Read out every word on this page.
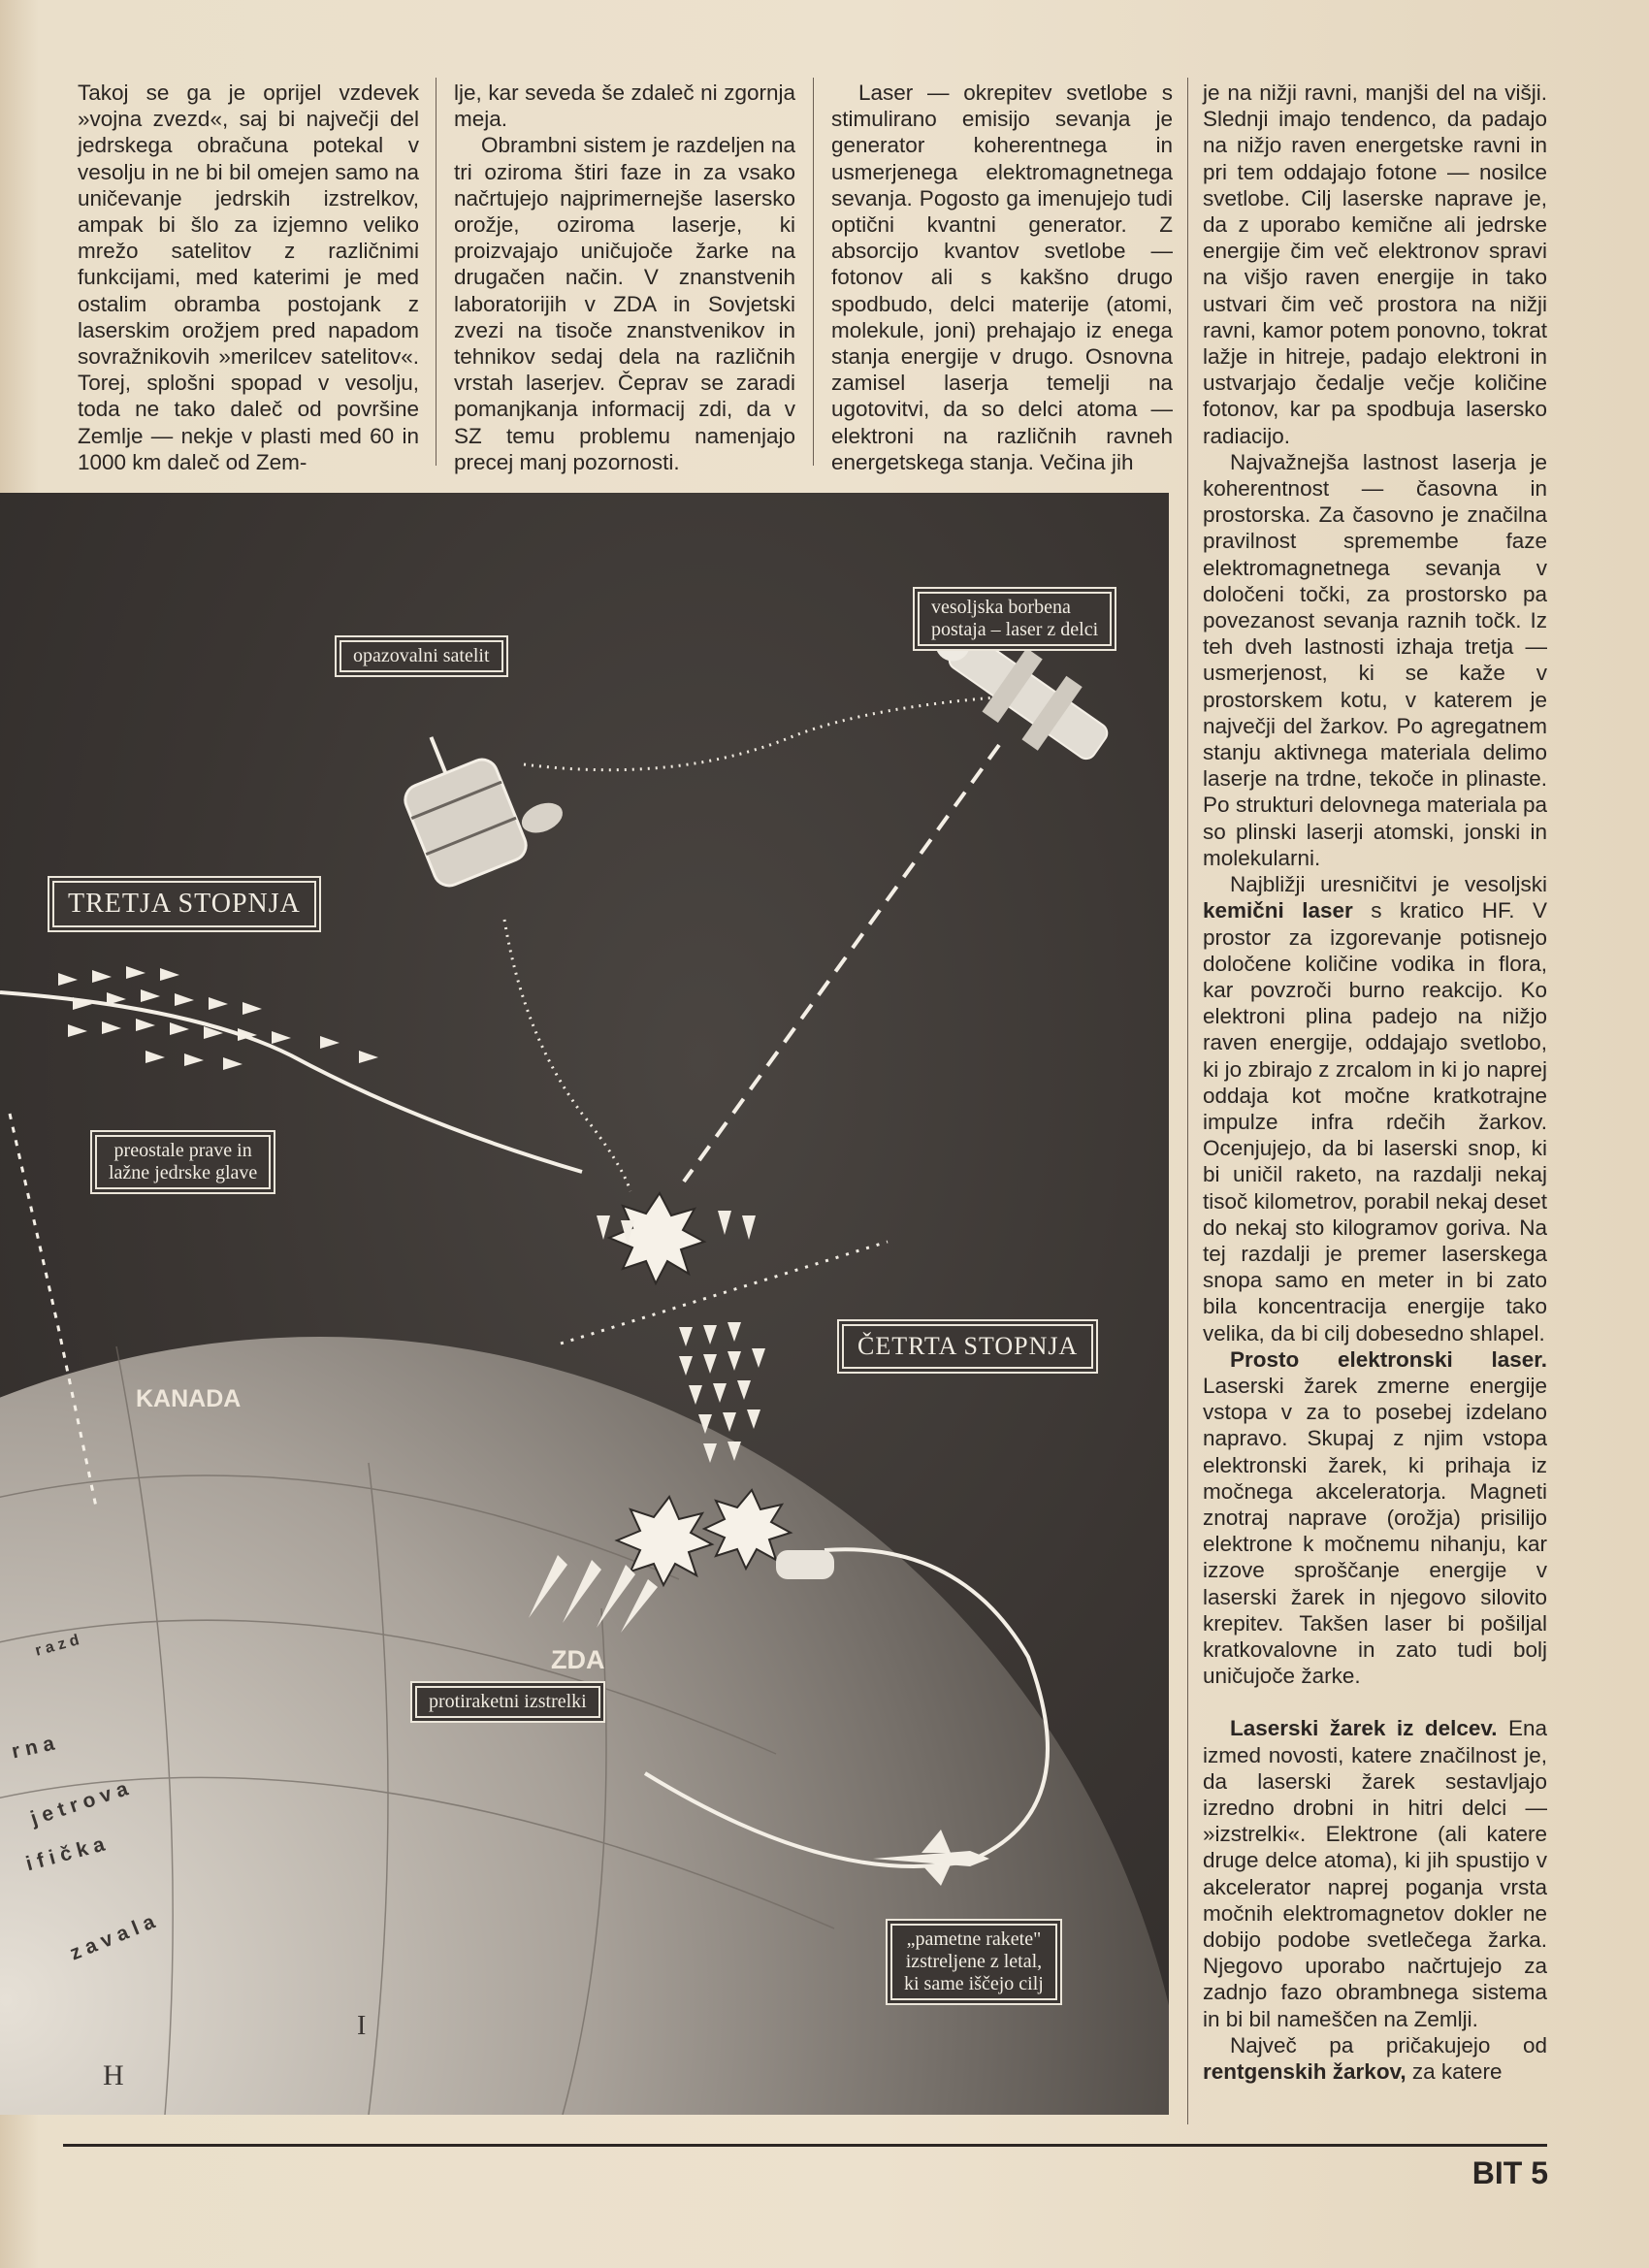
Takoj se ga je oprijel vzdevek »vojna zvezd«, saj bi največji del jedrskega obračuna potekal v vesolju in ne bi bil omejen samo na uničevanje jedrskih izstrelkov, ampak bi šlo za izjemno veliko mrežo satelitov z različnimi funkcijami, med katerimi je med ostalim obramba postojank z laserskim orožjem pred napadom sovražnikovih »merilcev satelitov«. Torej, splošni spopad v vesolju, toda ne tako daleč od površine Zemlje — nekje v plasti med 60 in 1000 km daleč od Zem-

lje, kar seveda še zdaleč ni zgornja meja.

Obrambni sistem je razdeljen na tri oziroma štiri faze in za vsako načrtujejo najprimernejše lasersko orožje, oziroma laserje, ki proizvajajo uničujoče žarke na drugačen način. V znanstvenih laboratorijih v ZDA in Sovjetski zvezi na tisoče znanstvenikov in tehnikov sedaj dela na različnih vrstah laserjev. Čeprav se zaradi pomanjkanja informacij zdi, da v SZ temu problemu namenjajo precej manj pozornosti.

Laser — okrepitev svetlobe s stimulirano emisijo sevanja je generator koherentnega in usmerjenega elektromagnetnega sevanja. Pogosto ga imenujejo tudi optični kvantni generator. Z absorcijo kvantov svetlobe — fotonov ali s kakšno drugo spodbudo, delci materije (atomi, molekule, joni) prehajajo iz enega stanja energije v drugo. Osnovna zamisel laserja temelji na ugotovitvi, da so delci atoma — elektroni na različnih ravneh energetskega stanja. Večina jih

je na nižji ravni, manjši del na višji. Slednji imajo tendenco, da padajo na nižjo raven energetske ravni in pri tem oddajajo fotone — nosilce svetlobe. Cilj laserske naprave je, da z uporabo kemične ali jedrske energije čim več elektronov spravi na višjo raven energije in tako ustvari čim več prostora na nižji ravni, kamor potem ponovno, tokrat lažje in hitreje, padajo elektroni in ustvarjajo čedalje večje količine fotonov, kar pa spodbuja lasersko radiacijo.

Najvažnejša lastnost laserja je koherentnost — časovna in prostorska. Za časovno je značilna pravilnost spremembe faze elektromagnetnega sevanja v določeni točki, za prostorsko pa povezanost sevanja raznih točk. Iz teh dveh lastnosti izhaja tretja — usmerjenost, ki se kaže v prostorskem kotu, v katerem je največji del žarkov. Po agregatnem stanju aktivnega materiala delimo laserje na trdne, tekoče in plinaste. Po strukturi delovnega materiala pa so plinski laserji atomski, jonski in molekularni.

Najbližji uresničitvi je vesoljski kemični laser s kratico HF. V prostor za izgorevanje potisnejo določene količine vodika in flora, kar povzroči burno reakcijo. Ko elektroni plina padejo na nižjo raven energije, oddajajo svetlobo, ki jo zbirajo z zrcalom in ki jo naprej oddaja kot močne kratkotrajne impulze infra rdečih žarkov. Ocenjujejo, da bi laserski snop, ki bi uničil raketo, na razdalji nekaj tisoč kilometrov, porabil nekaj deset do nekaj sto kilogramov goriva. Na tej razdalji je premer laserskega snopa samo en meter in bi zato bila koncentracija energije tako velika, da bi cilj dobesedno shlapel.

Prosto elektronski laser. Laserski žarek zmerne energije vstopa v za to posebej izdelano napravo. Skupaj z njim vstopa elektronski žarek, ki prihaja iz močnega akceleratorja. Magneti znotraj naprave (orožja) prisilijo elektrone k močnemu nihanju, kar izzove sproščanje energije v laserski žarek in njegovo silovito krepitev. Takšen laser bi pošiljal kratkovalovne in zato tudi bolj uničujoče žarke.

Laserski žarek iz delcev. Ena izmed novosti, katere značilnost je, da laserski žarek sestavljajo izredno drobni in hitri delci — »izstrelki«. Elektrone (ali katere druge delce atoma), ki jih spustijo v akcelerator naprej poganja vrsta močnih elektromagnetov dokler ne dobijo podobe svetlečega žarka. Njegovo uporabo načrtujejo za zadnjo fazo obrambnega sistema in bi bil nameščen na Zemlji.

Največ pa pričakujejo od rentgenskih žarkov, za katere

opazovalni satelit
vesoljska borbena
postaja – laser z delci
TRETJA STOPNJA
preostale prave in
lažne jedrske glave
ČETRTA STOPNJA
protiraketni izstrelki
„pametne rakete"
izstreljene z letal,
ki same iščejo cilj
KANADA
ZDA
r n a
j e t r o v a
i f i č k a
z a v a l a
r a z d
H
I
BIT 5
